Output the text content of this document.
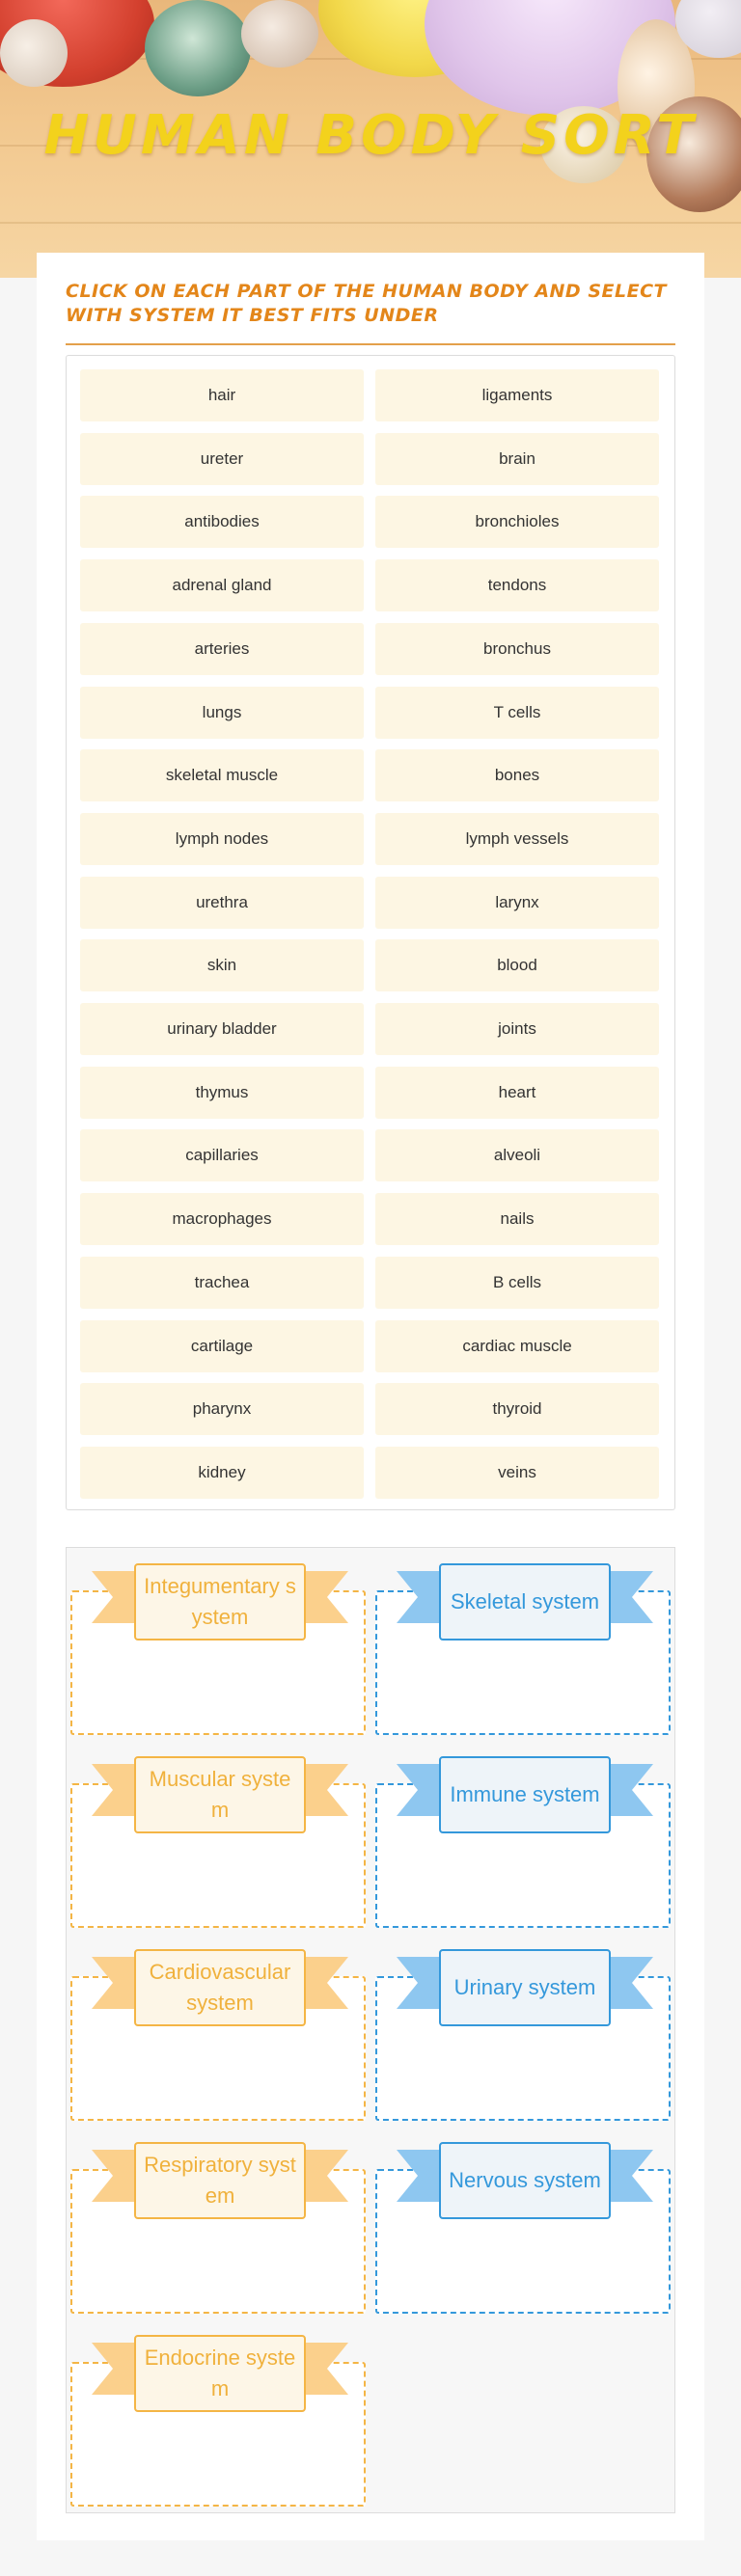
HUMAN BODY SORT
CLICK ON EACH PART OF THE HUMAN BODY AND SELECT WITH SYSTEM IT BEST FITS UNDER
hair	ligaments
ureter	brain
antibodies	bronchioles
adrenal gland	tendons
arteries	bronchus
lungs	T cells
skeletal muscle	bones
lymph nodes	lymph vessels
urethra	larynx
skin	blood
urinary bladder	joints
thymus	heart
capillaries	alveoli
macrophages	nails
trachea	B cells
cartilage	cardiac muscle
pharynx	thyroid
kidney	veins
Integumentary system
Skeletal system
Muscular system
Immune system
Cardiovascular system
Urinary system
Respiratory system
Nervous system
Endocrine system
